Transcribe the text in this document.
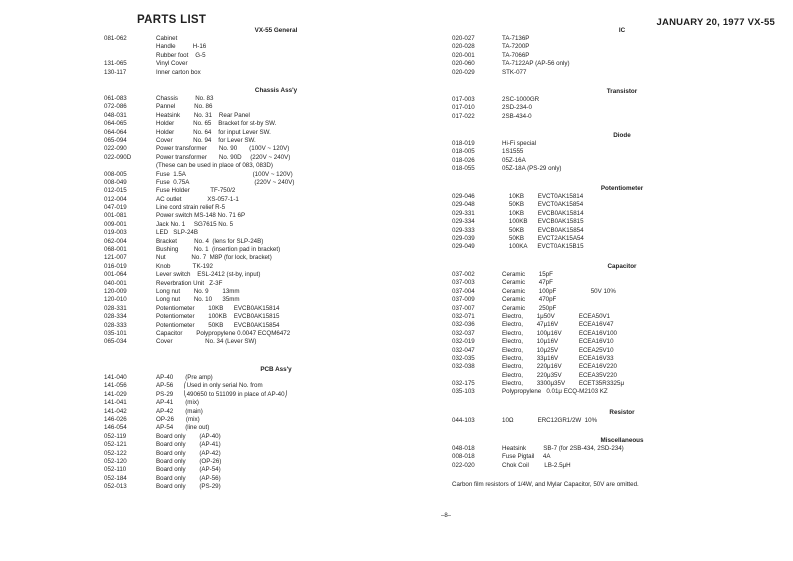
PARTS LIST	JANUARY 20, 1977 VX-55
VX-55 General
081-062	Cabinet
Handle          H-16
Rubber foot    G-5
131-065	Vinyl Cover
130-117	Inner carton box
Chassis Ass'y
061-083	Chassis          No. 83
072-086	Pannel           No. 86
048-031	Heatsink        No. 31    Rear Panel
064-065	Holder           No. 65    Bracket for st-by SW.
064-064	Holder           No. 64    for input Lever SW.
065-094	Cover            No. 94    for Lever SW.
022-090	Power transformer       No. 90       (100V ~ 120V)
022-090D	Power transformer       No. 90D     (220V ~ 240V)
(These can be used in place of 083, 083D)
008-005	Fuse  1.5A                                       (100V ~ 120V)
008-049	Fuse  0.75A                                      (220V ~ 240V)
012-015	Fuse Holder            TF-750/2
012-004	AC outlet               XS-057-1-1
047-019	Line cord strain relief R-5
001-081	Power switch MS-148 No. 71 6P
009-001	Jack No. 1     SG7615 No. 5
019-003	LED   SLP-24B
062-004	Bracket          No. 4  (lens for SLP-24B)
068-001	Bushing         No. 1  (insertion pad in bracket)
121-007	Nut               No. 7  M8P (for lock, bracket)
016-019	Knob             TK-192
001-064	Lever switch    ESL-2412 (st-by, input)
040-001	Reverbration Unit   Z-3F
120-009	Long nut        No. 9        13mm
120-010	Long nut        No. 10      35mm
028-331	Potentiometer        10KB      EVCB0AK15814
028-334	Potentiometer        100KB    EVCB0AK15815
028-333	Potentiometer        50KB      EVCB0AK15854
035-101	Capacitor        Polypropylene 0.0047 ECQM6472
065-034	Cover                   No. 34 (Lever SW)
PCB Ass'y
141-040	AP-40       (Pre amp)
141-056	AP-56      ⎛Used in only serial No. from
141-029	PS-29      ⎝490650 to 511099 in place of AP-40⎠
141-041	AP-41       (mix)
141-042	AP-42       (main)
146-026	OP-26       (mix)
146-054	AP-54       (line out)
052-119	Board only        (AP-40)
052-121	Board only        (AP-41)
052-122	Board only        (AP-42)
052-120	Board only        (OP-26)
052-110	Board only        (AP-54)
052-184	Board only        (AP-56)
052-013	Board only        (PS-29)
IC
020-027	TA-7136P
020-028	TA-7200P
020-001	TA-7066P
020-060	TA-7122AP (AP-56 only)
020-029	STK-077
Transistor
017-003	2SC-1000GR
017-010	2SD-234-0
017-022	2SB-434-0
Diode
018-019	Hi-Fi special
018-005	1S1555
018-026	05Z-16A
018-055	05Z-18A (PS-29 only)
Potentiometer
029-046	10KB        EVCT0AK15814
029-048	50KB        EVCT0AK15854
029-331	10KB        EVCB0AK15814
029-334	100KB      EVCB0AK15815
029-333	50KB        EVCB0AK15854
029-039	50KB        EVCT2AK15A54
029-049	100KA      EVCT0AK15B15
Capacitor
037-002	Ceramic        15pF
037-003	Ceramic        47pF
037-004	Ceramic        100pF                    50V 10%
037-009	Ceramic        470pF
037-007	Ceramic        250pF
032-071	Electro,        1μ50V              ECEA50V1
032-036	Electro,        47μ16V            ECEA16V47
032-037	Electro,        100μ16V          ECEA16V100
032-019	Electro,        10μ16V            ECEA16V10
032-047	Electro,        10μ25V            ECEA25V10
032-035	Electro,        33μ16V            ECEA16V33
032-038	Electro,        220μ16V          ECEA16V220
Electro,        220μ35V          ECEA35V220
032-175	Electro,        3300μ35V        ECET35R3325μ
035-103	Polypropylene   0.01μ ECQ-M2103 KZ
Resistor
044-103	10Ω              ERC12GR1/2W  10%
Miscellaneous
048-018	Heatsink          SB-7 (for 2SB-434, 2SD-234)
008-018	Fuse Pigtail     4A
022-020	Chok Coil         LB-2.5μH
Carbon film resistors of 1/4W, and Mylar Capacitor, 50V are omitted.
–8–
